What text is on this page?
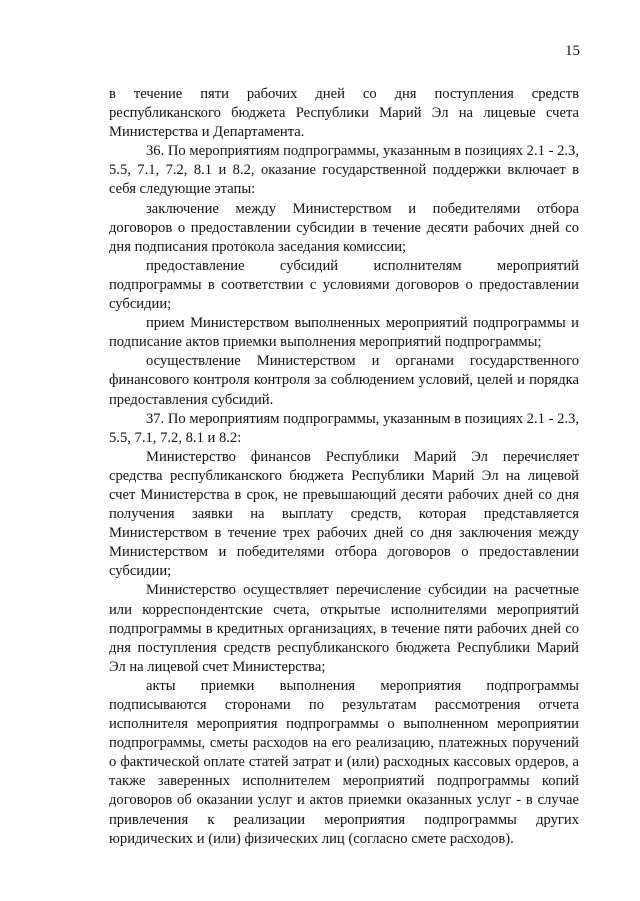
15

в течение пяти рабочих дней со дня поступления средств республиканского бюджета Республики Марий Эл на лицевые счета Министерства и Департамента.

36. По мероприятиям подпрограммы, указанным в позициях 2.1 - 2.3, 5.5, 7.1, 7.2, 8.1 и 8.2, оказание государственной поддержки включает в себя следующие этапы:

заключение между Министерством и победителями отбора договоров о предоставлении субсидии в течение десяти рабочих дней со дня подписания протокола заседания комиссии;

предоставление субсидий исполнителям мероприятий подпрограммы в соответствии с условиями договоров о предоставлении субсидии;

прием Министерством выполненных мероприятий подпрограммы и подписание актов приемки выполнения мероприятий подпрограммы;

осуществление Министерством и органами государственного финансового контроля контроля за соблюдением условий, целей и порядка предоставления субсидий.

37. По мероприятиям подпрограммы, указанным в позициях 2.1 - 2.3, 5.5, 7.1, 7.2, 8.1 и 8.2:

Министерство финансов Республики Марий Эл перечисляет средства республиканского бюджета Республики Марий Эл на лицевой счет Министерства в срок, не превышающий десяти рабочих дней со дня получения заявки на выплату средств, которая представляется Министерством в течение трех рабочих дней со дня заключения между Министерством и победителями отбора договоров о предоставлении субсидии;

Министерство осуществляет перечисление субсидии на расчетные или корреспондентские счета, открытые исполнителями мероприятий подпрограммы в кредитных организациях, в течение пяти рабочих дней со дня поступления средств республиканского бюджета Республики Марий Эл на лицевой счет Министерства;

акты приемки выполнения мероприятия подпрограммы подписываются сторонами по результатам рассмотрения отчета исполнителя мероприятия подпрограммы о выполненном мероприятии подпрограммы, сметы расходов на его реализацию, платежных поручений о фактической оплате статей затрат и (или) расходных кассовых ордеров, а также заверенных исполнителем мероприятий подпрограммы копий договоров об оказании услуг и актов приемки оказанных услуг - в случае привлечения к реализации мероприятия подпрограммы других юридических и (или) физических лиц (согласно смете расходов).
